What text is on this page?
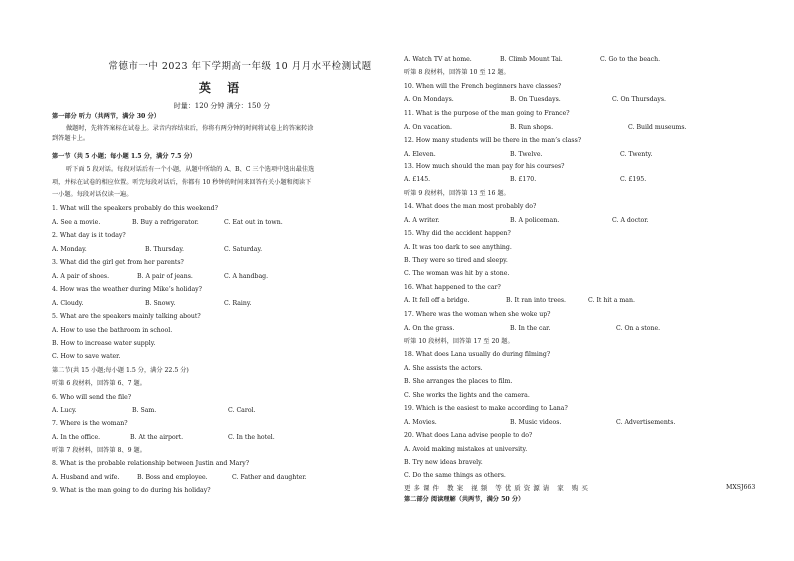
常德市一中 2023 年下学期高一年级 10 月月水平检测试题
英 语
时量：120 分钟 满分：150 分
第一部分 听力（共两节，满分 30 分）
做题时，先将答案标在试卷上。录音内容结束后，你将有两分钟的时间将试卷上的答案转涂
到答题卡上。
第一节（共 5 小题；每小题 1.5 分，满分 7.5 分）
听下面 5 段对话。每段对话后有一个小题，从题中所给的 A、B、C 三个选项中选出最佳选
项，并标在试卷的相应位置。听完每段对话后，你都有 10 秒钟的时间来回答有关小题和阅读下
一小题。每段对话仅读一遍。
1. What will the speakers probably do this weekend?
A. See a movie.	B. Buy a refrigerator.	C. Eat out in town.
2. What day is it today?
A. Monday.	B. Thursday.	C. Saturday.
3. What did the girl get from her parents?
A. A pair of shoes.	B. A pair of jeans.	C. A handbag.
4. How was the weather during Mike’s holiday?
A. Cloudy.	B. Snowy.	C. Rainy.
5. What are the speakers mainly talking about?
A. How to use the bathroom in school.
B. How to increase water supply.
C. How to save water.
第二节(共 15 小题;每小题 1.5 分，满分 22.5 分)
听第 6 段材料，回答第 6、7 题。
6. Who will send the file?
A. Lucy.	B. Sam.	C. Carol.
7. Where is the woman?
A. In the office.	B. At the airport.	C. In the hotel.
听第 7 段材料，回答第 8、9 题。
8. What is the probable relationship between Justin and Mary?
A. Husband and wife.	B. Boss and employee.	C. Father and daughter.
9. What is the man going to do during his holiday?
A. Watch TV at home.	B. Climb Mount Tai.	C. Go to the beach.
听第 8 段材料，回答第 10 至 12 题。
10. When will the French beginners have classes?
A. On Mondays.	B. On Tuesdays.	C. On Thursdays.
11. What is the purpose of the man going to France?
A. On vacation.	B. Run shops.	C. Build museums.
12. How many students will be there in the man’s class?
A. Eleven.	B. Twelve.	C. Twenty.
13. How much should the man pay for his courses?
A. £145.	B. £170.	C. £195.
听第 9 段材料，回答第 13 至 16 题。
14. What does the man most probably do?
A. A writer.	B. A policeman.	C. A doctor.
15. Why did the accident happen?
A. It was too dark to see anything.
B. They were so tired and sleepy.
C. The woman was hit by a stone.
16. What happened to the car?
A. It fell off a bridge.	B. It ran into trees.	C. It hit a man.
17. Where was the woman when she woke up?
A. On the grass.	B. In the car.	C. On a stone.
听第 10 段材料，回答第 17 至 20 题。
18. What does Lana usually do during filming?
A. She assists the actors.
B. She arranges the places to film.
C. She works the lights and the camera.
19. Which is the easiest to make according to Lana?
A. Movies.	B. Music videos.	C. Advertisements.
20. What does Lana advise people to do?
A. Avoid making mistakes at university.
B. Try new ideas bravely.
C. Do the same things as others.
更多课件 教案 视频 等优质资源请 家 购买	MXSJ663
第二部分 阅读理解（共两节，满分 50 分）
